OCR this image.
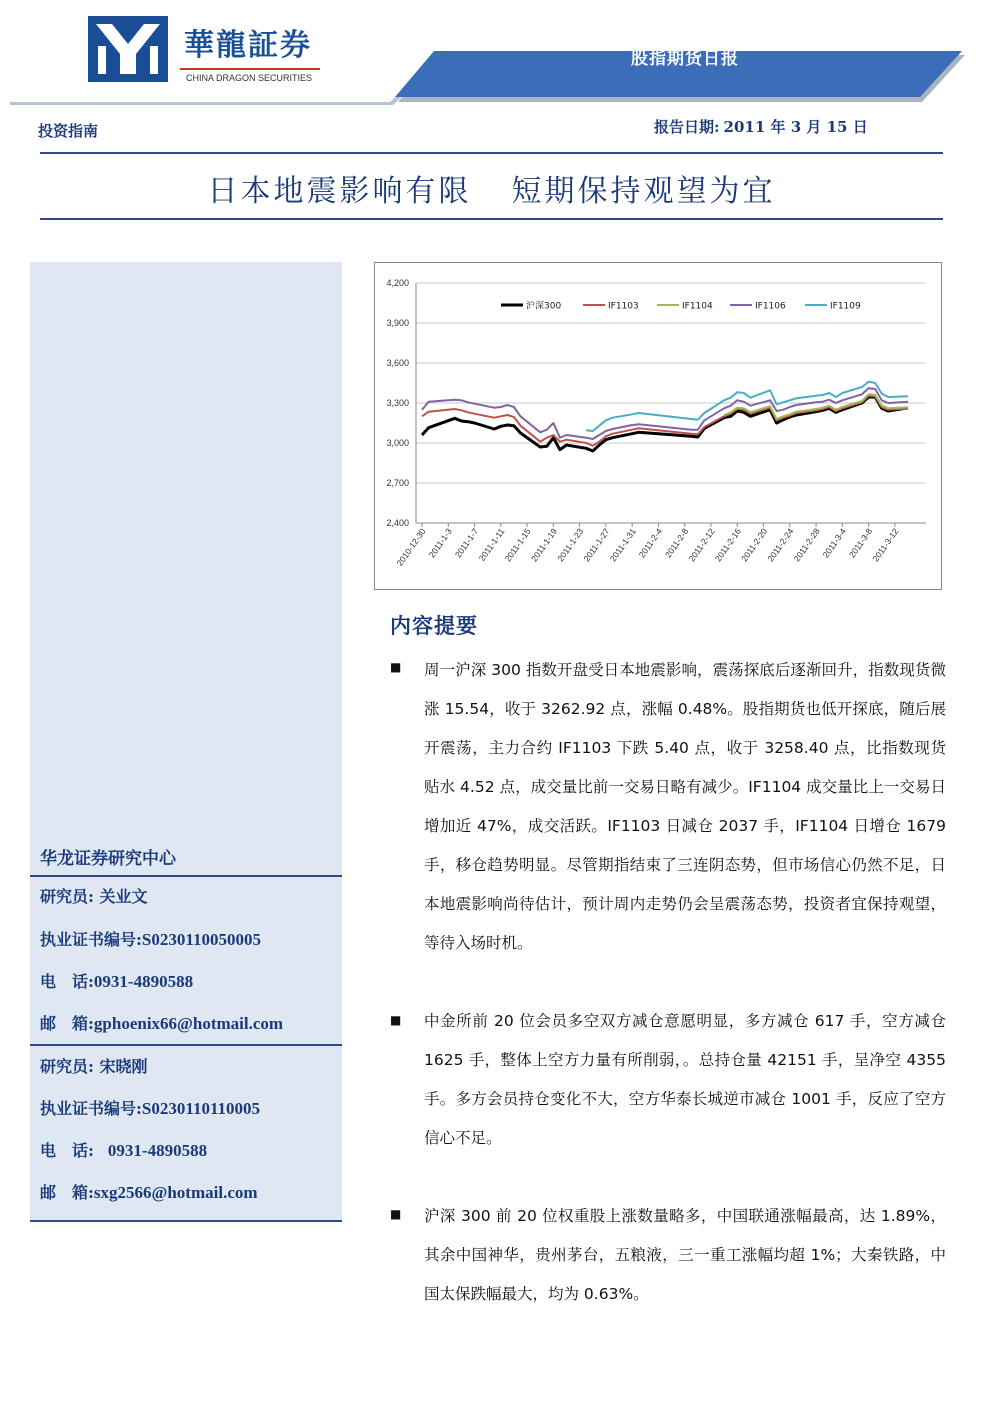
華龍証券
CHINA DRAGON SECURITIES
股指期货日报
投资指南	报告日期: 2011 年 3 月 15 日
日本地震影响有限 短期保持观望为宜
华龙证券研究中心
研究员: 关业文
执业证书编号:S0230110050005
电　话:0931-4890588
邮　箱:gphoenix66@hotmail.com
研究员: 宋晓刚
执业证书编号:S0230110110005
电　话: 0931-4890588
邮　箱:sxg2566@hotmail.com
2,400
2,700
3,000
3,300
3,600
3,900
4,200
2010-12-30
2011-1-3
2011-1-7
2011-1-11
2011-1-15
2011-1-19
2011-1-23
2011-1-27
2011-1-31
2011-2-4
2011-2-8
2011-2-12
2011-2-16
2011-2-20
2011-2-24
2011-2-28
2011-3-4
2011-3-8
2011-3-12
沪深300	IF1103	IF1104	IF1106	IF1109
内容提要
■ 周一沪深 300 指数开盘受日本地震影响，震荡探底后逐渐回升，指数现货微涨 15.54，收于 3262.92 点，涨幅 0.48%。股指期货也低开探底，随后展开震荡，主力合约 IF1103 下跌 5.40 点，收于 3258.40 点，比指数现货贴水 4.52 点，成交量比前一交易日略有减少。IF1104 成交量比上一交易日增加近 47%，成交活跃。IF1103 日减仓 2037 手，IF1104 日增仓 1679 手，移仓趋势明显。尽管期指结束了三连阴态势，但市场信心仍然不足，日本地震影响尚待估计，预计周内走势仍会呈震荡态势，投资者宜保持观望，等待入场时机。
■ 中金所前 20 位会员多空双方减仓意愿明显，多方减仓 617 手，空方减仓 1625 手，整体上空方力量有所削弱，。总持仓量 42151 手，呈净空 4355 手。多方会员持仓变化不大，空方华泰长城逆市减仓 1001 手，反应了空方信心不足。
■ 沪深 300 前 20 位权重股上涨数量略多，中国联通涨幅最高，达 1.89%，其余中国神华，贵州茅台，五粮液，三一重工涨幅均超 1%；大秦铁路，中国太保跌幅最大，均为 0.63%。
